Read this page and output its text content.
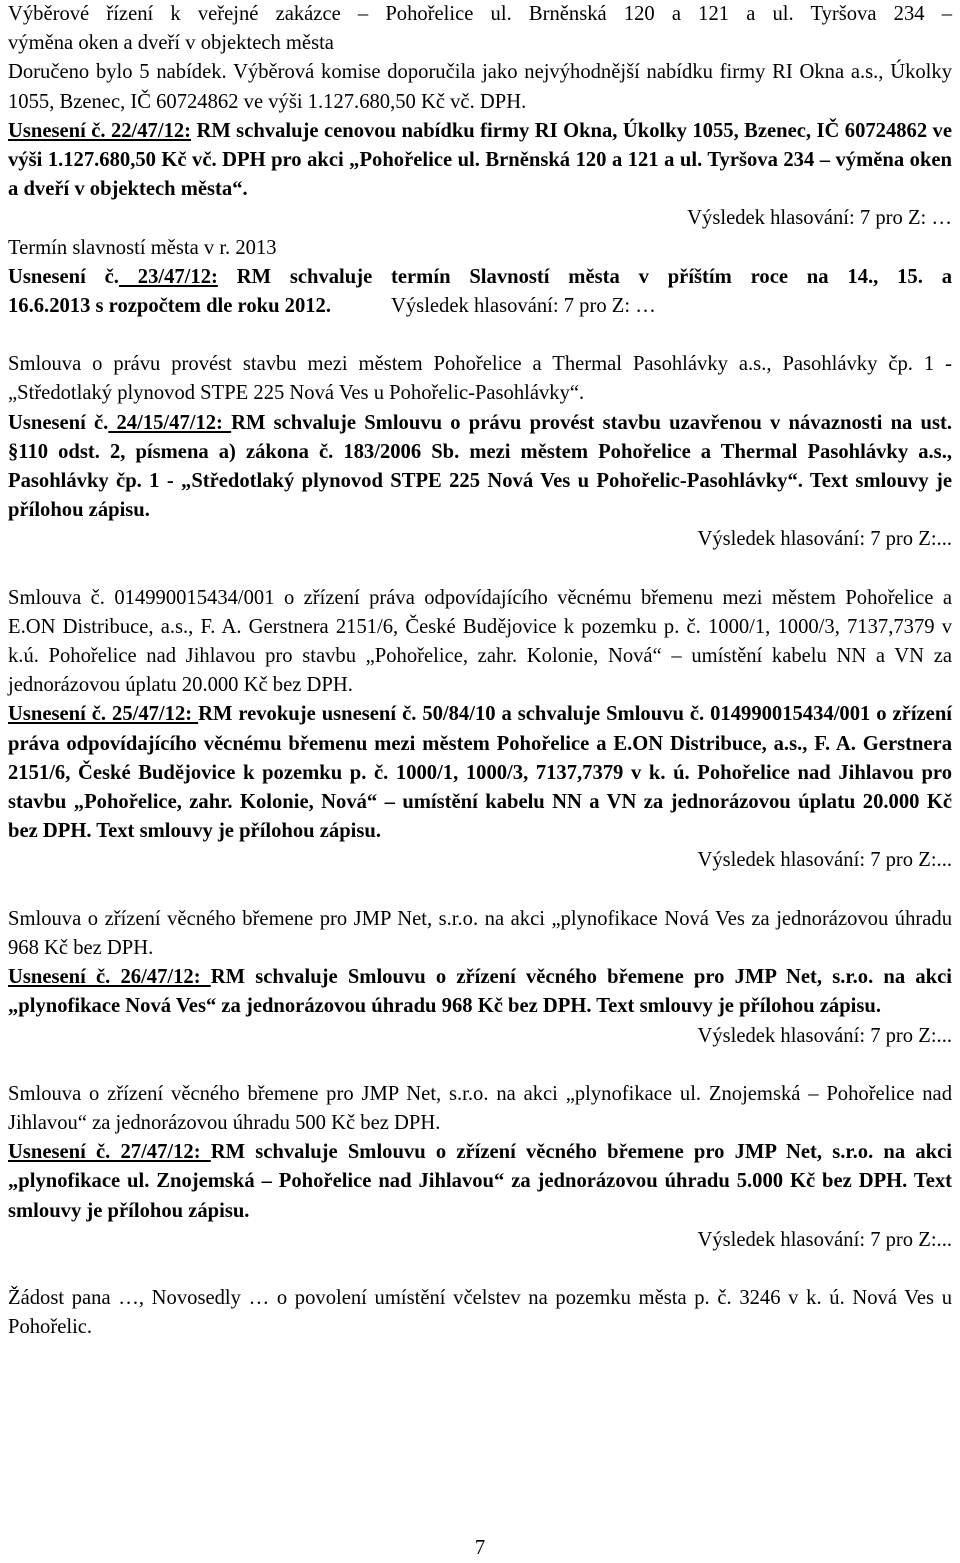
Výběrové řízení k veřejné zakázce – Pohořelice ul. Brněnská 120 a 121 a ul. Tyršova 234 –

výměna oken a dveří v objektech města

Doručeno bylo 5 nabídek. Výběrová komise doporučila jako nejvýhodnější nabídku firmy RI Okna a.s., Úkolky 1055, Bzenec, IČ 60724862 ve výši 1.127.680,50 Kč vč. DPH.

Usnesení č. 22/47/12: RM schvaluje cenovou nabídku firmy RI Okna, Úkolky 1055, Bzenec, IČ 60724862 ve výši 1.127.680,50 Kč vč. DPH pro akci „Pohořelice ul. Brněnská 120 a 121 a ul. Tyršova 234 – výměna oken a dveří v objektech města“.

Výsledek hlasování: 7 pro Z: …

Termín slavností města v r. 2013

Usnesení č. 23/47/12: RM schvaluje termín Slavností města v příštím roce na 14., 15. a

16.6.2013 s rozpočtem dle roku 2012.	Výsledek hlasování: 7 pro Z: …

Smlouva o právu provést stavbu mezi městem Pohořelice a Thermal Pasohlávky a.s., Pasohlávky čp. 1 - „Středotlaký plynovod STPE 225 Nová Ves u Pohořelic-Pasohlávky“.

Usnesení č. 24/15/47/12: RM schvaluje Smlouvu o právu provést stavbu uzavřenou v návaznosti na ust. §110 odst. 2, písmena a) zákona č. 183/2006 Sb. mezi městem Pohořelice a Thermal Pasohlávky a.s., Pasohlávky čp. 1 - „Středotlaký plynovod STPE 225 Nová Ves u Pohořelic-Pasohlávky“. Text smlouvy je přílohou zápisu.

Výsledek hlasování: 7 pro Z:...

Smlouva č. 014990015434/001 o zřízení práva odpovídajícího věcnému břemenu mezi městem Pohořelice a E.ON Distribuce, a.s., F. A. Gerstnera 2151/6, České Budějovice k pozemku p. č. 1000/1, 1000/3, 7137,7379 v k.ú. Pohořelice nad Jihlavou pro stavbu „Pohořelice, zahr. Kolonie, Nová“ – umístění kabelu NN a VN za jednorázovou úplatu 20.000 Kč bez DPH.

Usnesení č. 25/47/12: RM revokuje usnesení č. 50/84/10 a schvaluje Smlouvu č. 014990015434/001 o zřízení práva odpovídajícího věcnému břemenu mezi městem Pohořelice a E.ON Distribuce, a.s., F. A. Gerstnera 2151/6, České Budějovice k pozemku p. č. 1000/1, 1000/3, 7137,7379 v k. ú. Pohořelice nad Jihlavou pro stavbu „Pohořelice, zahr. Kolonie, Nová“ – umístění kabelu NN a VN za jednorázovou úplatu 20.000 Kč bez DPH. Text smlouvy je přílohou zápisu.

Výsledek hlasování: 7 pro Z:...

Smlouva o zřízení věcného břemene pro JMP Net, s.r.o. na akci „plynofikace Nová Ves za jednorázovou úhradu 968 Kč bez DPH.

Usnesení č. 26/47/12: RM schvaluje Smlouvu o zřízení věcného břemene pro JMP Net, s.r.o. na akci „plynofikace Nová Ves“ za jednorázovou úhradu 968 Kč bez DPH. Text smlouvy je přílohou zápisu.

Výsledek hlasování: 7 pro Z:...

Smlouva o zřízení věcného břemene pro JMP Net, s.r.o. na akci „plynofikace ul. Znojemská – Pohořelice nad Jihlavou“ za jednorázovou úhradu 500 Kč bez DPH.

Usnesení č. 27/47/12: RM schvaluje Smlouvu o zřízení věcného břemene pro JMP Net, s.r.o. na akci „plynofikace ul. Znojemská – Pohořelice nad Jihlavou“ za jednorázovou úhradu 5.000 Kč bez DPH. Text smlouvy je přílohou zápisu.

Výsledek hlasování: 7 pro Z:...

Žádost pana …, Novosedly … o povolení umístění včelstev na pozemku města p. č. 3246 v k. ú. Nová Ves u Pohořelic.

7
